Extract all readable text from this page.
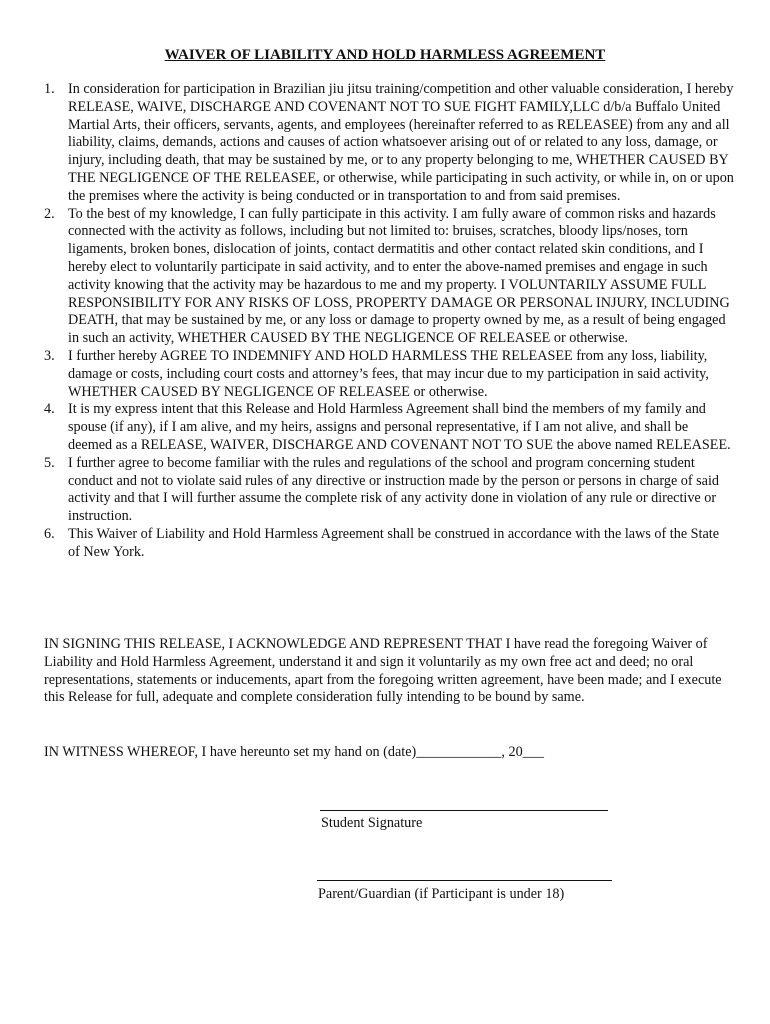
WAIVER OF LIABILITY AND HOLD HARMLESS AGREEMENT
1. In consideration for participation in Brazilian jiu jitsu training/competition and other valuable consideration, I hereby RELEASE, WAIVE, DISCHARGE AND COVENANT NOT TO SUE FIGHT FAMILY,LLC d/b/a Buffalo United Martial Arts, their officers, servants, agents, and employees (hereinafter referred to as RELEASEE) from any and all liability, claims, demands, actions and causes of action whatsoever arising out of or related to any loss, damage, or injury, including death, that may be sustained by me, or to any property belonging to me, WHETHER CAUSED BY THE NEGLIGENCE OF THE RELEASEE, or otherwise, while participating in such activity, or while in, on or upon the premises where the activity is being conducted or in transportation to and from said premises.
2. To the best of my knowledge, I can fully participate in this activity. I am fully aware of common risks and hazards connected with the activity as follows, including but not limited to: bruises, scratches, bloody lips/noses, torn ligaments, broken bones, dislocation of joints, contact dermatitis and other contact related skin conditions, and I hereby elect to voluntarily participate in said activity, and to enter the above-named premises and engage in such activity knowing that the activity may be hazardous to me and my property. I VOLUNTARILY ASSUME FULL RESPONSIBILITY FOR ANY RISKS OF LOSS, PROPERTY DAMAGE OR PERSONAL INJURY, INCLUDING DEATH, that may be sustained by me, or any loss or damage to property owned by me, as a result of being engaged in such an activity, WHETHER CAUSED BY THE NEGLIGENCE OF RELEASEE or otherwise.
3. I further hereby AGREE TO INDEMNIFY AND HOLD HARMLESS THE RELEASEE from any loss, liability, damage or costs, including court costs and attorney’s fees, that may incur due to my participation in said activity, WHETHER CAUSED BY NEGLIGENCE OF RELEASEE or otherwise.
4. It is my express intent that this Release and Hold Harmless Agreement shall bind the members of my family and spouse (if any), if I am alive, and my heirs, assigns and personal representative, if I am not alive, and shall be deemed as a RELEASE, WAIVER, DISCHARGE AND COVENANT NOT TO SUE the above named RELEASEE.
5. I further agree to become familiar with the rules and regulations of the school and program concerning student conduct and not to violate said rules of any directive or instruction made by the person or persons in charge of said activity and that I will further assume the complete risk of any activity done in violation of any rule or directive or instruction.
6. This Waiver of Liability and Hold Harmless Agreement shall be construed in accordance with the laws of the State of New York.

IN SIGNING THIS RELEASE, I ACKNOWLEDGE AND REPRESENT THAT I have read the foregoing Waiver of Liability and Hold Harmless Agreement, understand it and sign it voluntarily as my own free act and deed; no oral representations, statements or inducements, apart from the foregoing written agreement, have been made; and I execute this Release for full, adequate and complete consideration fully intending to be bound by same.

IN WITNESS WHEREOF, I have hereunto set my hand on (date)____________, 20___

Student Signature
Parent/Guardian (if Participant is under 18)
